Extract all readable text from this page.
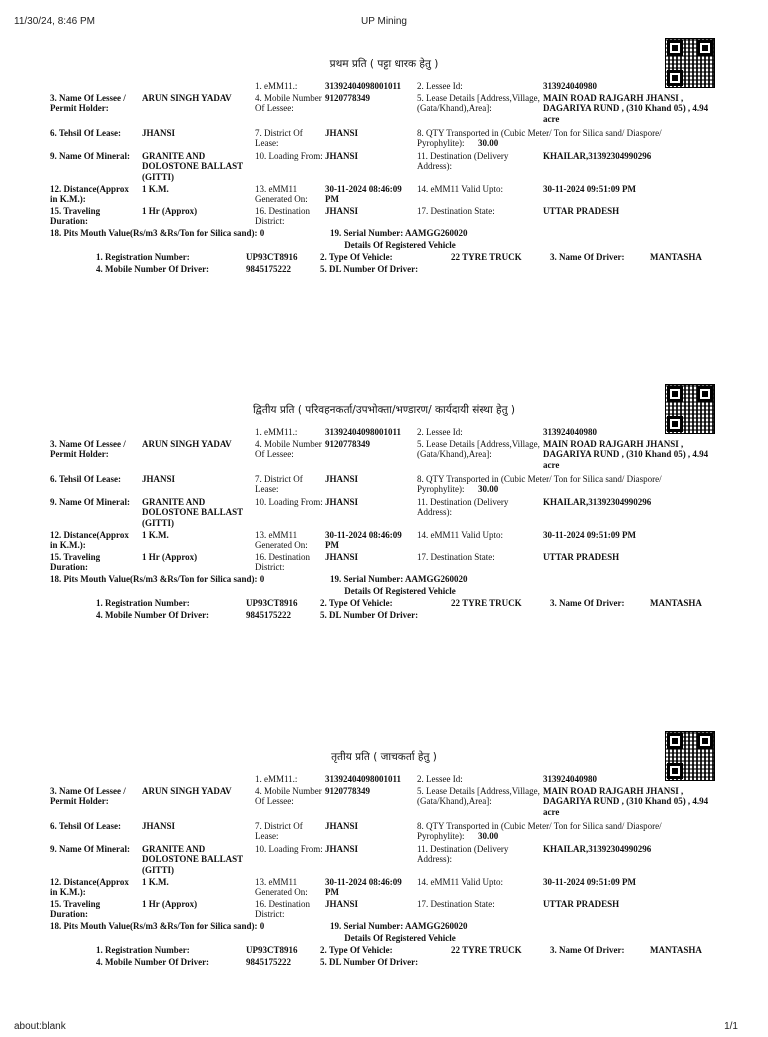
11/30/24, 8:46 PM	UP Mining
प्रथम प्रति ( पट्टा धारक हेतु )
1. eMM11.:	31392404098001011	2. Lessee Id:	313924040980
3. Name Of Lessee / Permit Holder:
ARUN SINGH YADAV	4. Mobile Number Of Lessee:
9120778349	5. Lease Details [Address,Village, (Gata/Khand),Area]:
MAIN ROAD RAJGARH JHANSI , DAGARIYA RUND , (310 Khand 05) , 4.94 acre
6. Tehsil Of Lease:	JHANSI	7. District Of Lease:
JHANSI	8. QTY Transported in (Cubic Meter/ Ton for Silica sand/ Diaspore/ Pyrophylite):	30.00
9. Name Of Mineral:	GRANITE AND DOLOSTONE BALLAST (GITTI)
10. Loading From: JHANSI	11. Destination (Delivery Address):
KHAILAR,31392304990296
12. Distance(Approx in K.M.):
1 K.M.	13. eMM11 Generated On:
30-11-2024 08:46:09 PM
14. eMM11 Valid Upto:	30-11-2024 09:51:09 PM
15. Traveling Duration:
1 Hr (Approx)	16. Destination District:
JHANSI	17. Destination State:	UTTAR PRADESH
18. Pits Mouth Value(Rs/m3 &Rs/Ton for Silica sand): 0	19. Serial Number: AAMGG260020
Details Of Registered Vehicle
1. Registration Number:	UP93CT8916	2. Type Of Vehicle:	22 TYRE TRUCK	3. Name Of Driver:	MANTASHA
4. Mobile Number Of Driver:	9845175222	5. DL Number Of Driver:
द्वितीय प्रति ( परिवहनकर्ता/उपभोक्ता/भण्डारण/ कार्यदायी संस्था हेतु )
1. eMM11.:	31392404098001011	2. Lessee Id:	313924040980
3. Name Of Lessee / Permit Holder:
ARUN SINGH YADAV	4. Mobile Number Of Lessee:
9120778349	5. Lease Details [Address,Village, (Gata/Khand),Area]:
MAIN ROAD RAJGARH JHANSI , DAGARIYA RUND , (310 Khand 05) , 4.94 acre
6. Tehsil Of Lease:	JHANSI	7. District Of Lease:
JHANSI	8. QTY Transported in (Cubic Meter/ Ton for Silica sand/ Diaspore/ Pyrophylite):	30.00
9. Name Of Mineral:	GRANITE AND DOLOSTONE BALLAST (GITTI)
10. Loading From: JHANSI	11. Destination (Delivery Address):
KHAILAR,31392304990296
12. Distance(Approx in K.M.):
1 K.M.	13. eMM11 Generated On:
30-11-2024 08:46:09 PM
14. eMM11 Valid Upto:	30-11-2024 09:51:09 PM
15. Traveling Duration:
1 Hr (Approx)	16. Destination District:
JHANSI	17. Destination State:	UTTAR PRADESH
18. Pits Mouth Value(Rs/m3 &Rs/Ton for Silica sand): 0	19. Serial Number: AAMGG260020
Details Of Registered Vehicle
1. Registration Number:	UP93CT8916	2. Type Of Vehicle:	22 TYRE TRUCK	3. Name Of Driver:	MANTASHA
4. Mobile Number Of Driver:	9845175222	5. DL Number Of Driver:
तृतीय प्रति ( जाचकर्ता हेतु )
1. eMM11.:	31392404098001011	2. Lessee Id:	313924040980
3. Name Of Lessee / Permit Holder:
ARUN SINGH YADAV	4. Mobile Number Of Lessee:
9120778349	5. Lease Details [Address,Village, (Gata/Khand),Area]:
MAIN ROAD RAJGARH JHANSI , DAGARIYA RUND , (310 Khand 05) , 4.94 acre
6. Tehsil Of Lease:	JHANSI	7. District Of Lease:
JHANSI	8. QTY Transported in (Cubic Meter/ Ton for Silica sand/ Diaspore/ Pyrophylite):	30.00
9. Name Of Mineral:	GRANITE AND DOLOSTONE BALLAST (GITTI)
10. Loading From: JHANSI	11. Destination (Delivery Address):
KHAILAR,31392304990296
12. Distance(Approx in K.M.):
1 K.M.	13. eMM11 Generated On:
30-11-2024 08:46:09 PM
14. eMM11 Valid Upto:	30-11-2024 09:51:09 PM
15. Traveling Duration:
1 Hr (Approx)	16. Destination District:
JHANSI	17. Destination State:	UTTAR PRADESH
18. Pits Mouth Value(Rs/m3 &Rs/Ton for Silica sand): 0	19. Serial Number: AAMGG260020
Details Of Registered Vehicle
1. Registration Number:	UP93CT8916	2. Type Of Vehicle:	22 TYRE TRUCK	3. Name Of Driver:	MANTASHA
4. Mobile Number Of Driver:	9845175222	5. DL Number Of Driver:
about:blank	1/1
